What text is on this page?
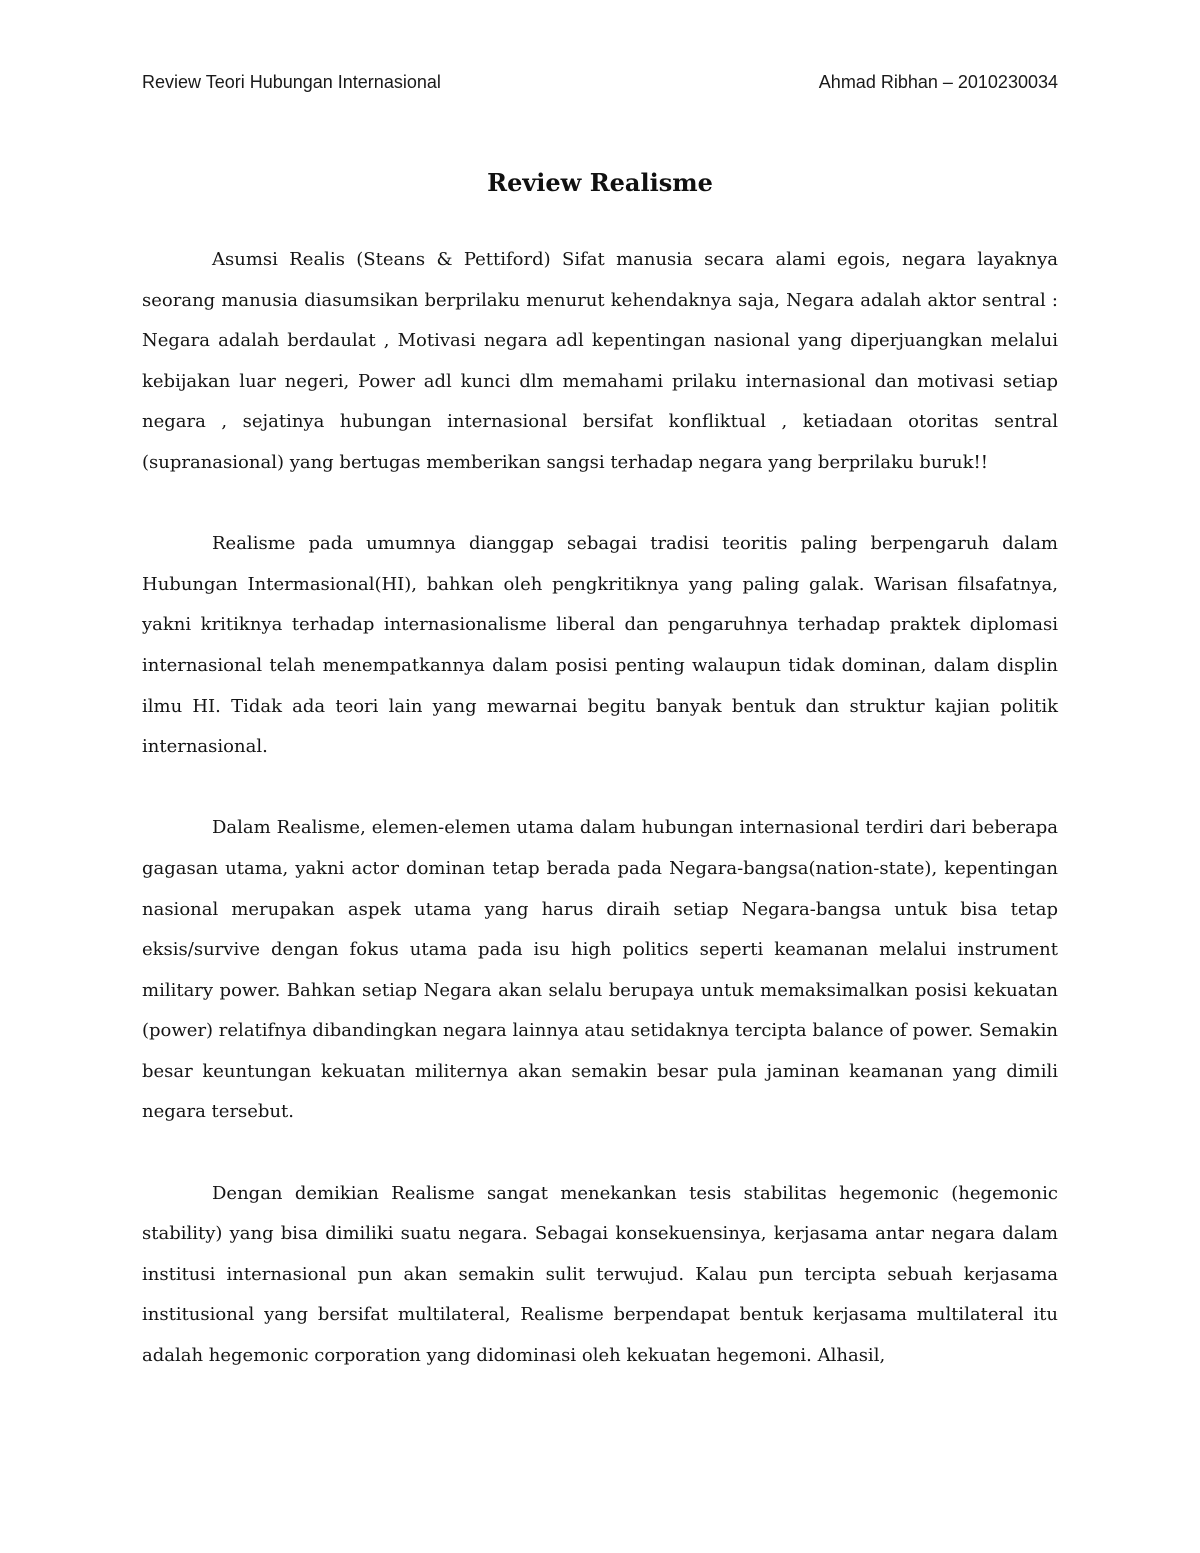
Review Teori Hubungan Internasional	Ahmad Ribhan – 2010230034
Review Realisme

Asumsi Realis (Steans & Pettiford) Sifat manusia secara alami egois, negara layaknya seorang manusia diasumsikan berprilaku menurut kehendaknya saja, Negara adalah aktor sentral : Negara adalah berdaulat , Motivasi negara adl kepentingan nasional yang diperjuangkan melalui kebijakan luar negeri, Power adl kunci dlm memahami prilaku internasional dan motivasi setiap negara , sejatinya hubungan internasional bersifat konfliktual , ketiadaan otoritas sentral (supranasional) yang bertugas memberikan sangsi terhadap negara yang berprilaku buruk!!

Realisme pada umumnya dianggap sebagai tradisi teoritis paling berpengaruh dalam Hubungan Intermasional(HI), bahkan oleh pengkritiknya yang paling galak. Warisan filsafatnya, yakni kritiknya terhadap internasionalisme liberal dan pengaruhnya terhadap praktek diplomasi internasional telah menempatkannya dalam posisi penting walaupun tidak dominan, dalam displin ilmu HI. Tidak ada teori lain yang mewarnai begitu banyak bentuk dan struktur kajian politik internasional.

Dalam Realisme, elemen-elemen utama dalam hubungan internasional terdiri dari beberapa gagasan utama, yakni actor dominan tetap berada pada Negara-bangsa(nation-state), kepentingan nasional merupakan aspek utama yang harus diraih setiap Negara-bangsa untuk bisa tetap eksis/survive dengan fokus utama pada isu high politics seperti keamanan melalui instrument military power. Bahkan setiap Negara akan selalu berupaya untuk memaksimalkan posisi kekuatan (power) relatifnya dibandingkan negara lainnya atau setidaknya tercipta balance of power. Semakin besar keuntungan kekuatan militernya akan semakin besar pula jaminan keamanan yang dimili negara tersebut.

Dengan demikian Realisme sangat menekankan tesis stabilitas hegemonic (hegemonic stability) yang bisa dimiliki suatu negara. Sebagai konsekuensinya, kerjasama antar negara dalam institusi internasional pun akan semakin sulit terwujud. Kalau pun tercipta sebuah kerjasama institusional yang bersifat multilateral, Realisme berpendapat bentuk kerjasama multilateral itu adalah hegemonic corporation yang didominasi oleh kekuatan hegemoni. Alhasil,
